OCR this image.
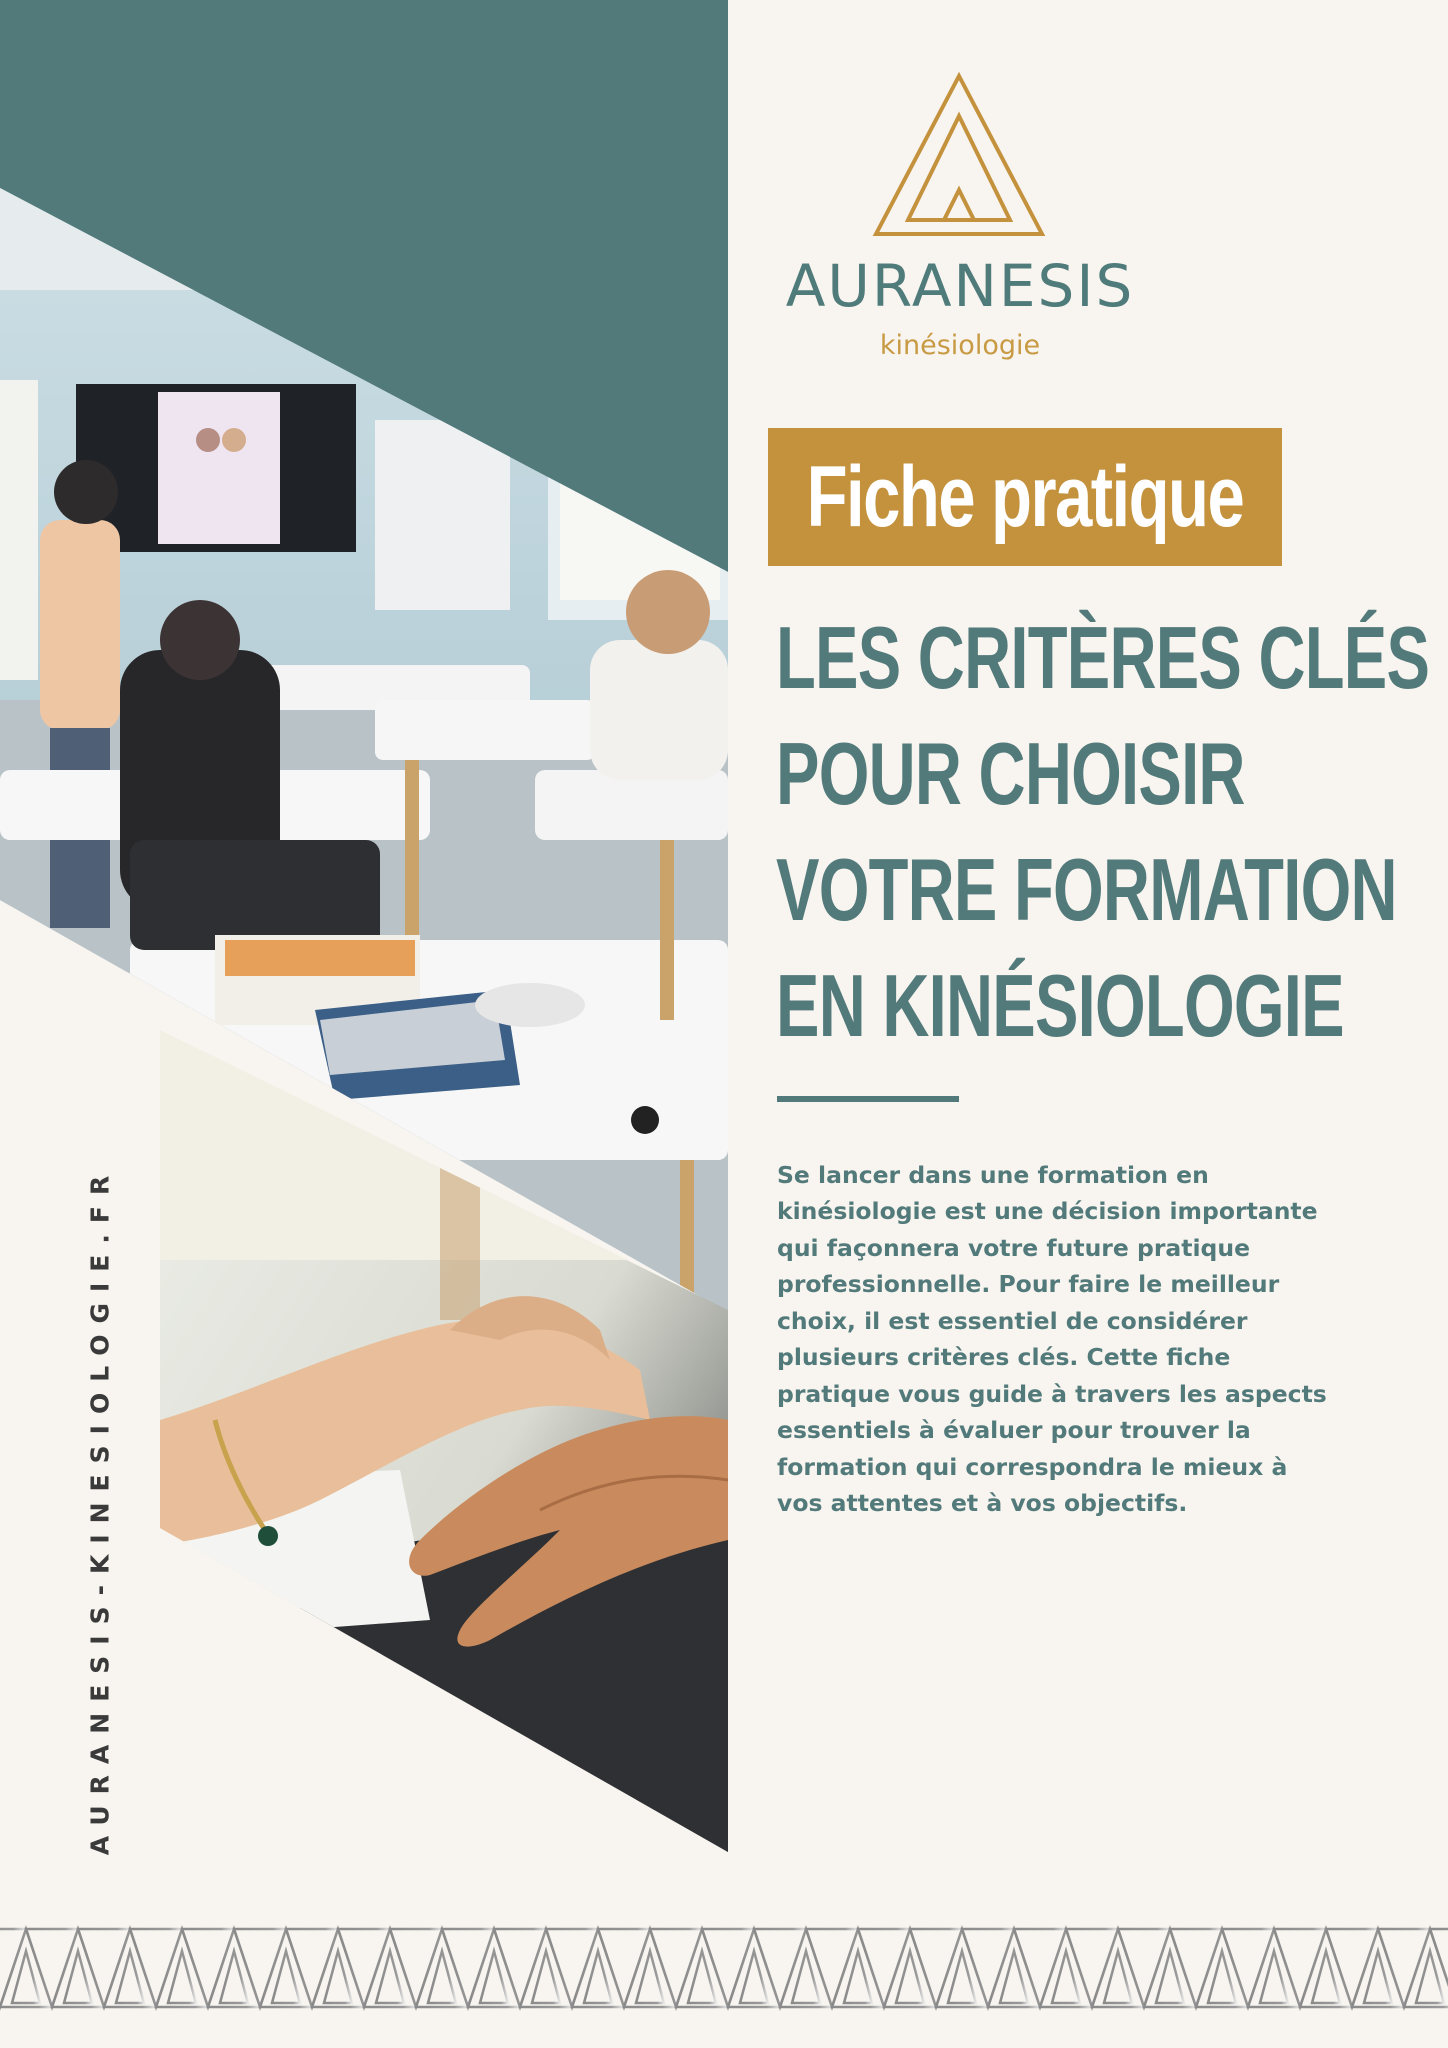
AURANESIS-KINESIOLOGIE.FR
AURANESIS
kinésiologie
Fiche pratique
LES CRITÈRES CLÉS
POUR CHOISIR
VOTRE FORMATION
EN KINÉSIOLOGIE

Se lancer dans une formation en kinésiologie est une décision importante qui façonnera votre future pratique professionnelle. Pour faire le meilleur choix, il est essentiel de considérer plusieurs critères clés. Cette fiche pratique vous guide à travers les aspects essentiels à évaluer pour trouver la formation qui correspondra le mieux à vos attentes et à vos objectifs.
